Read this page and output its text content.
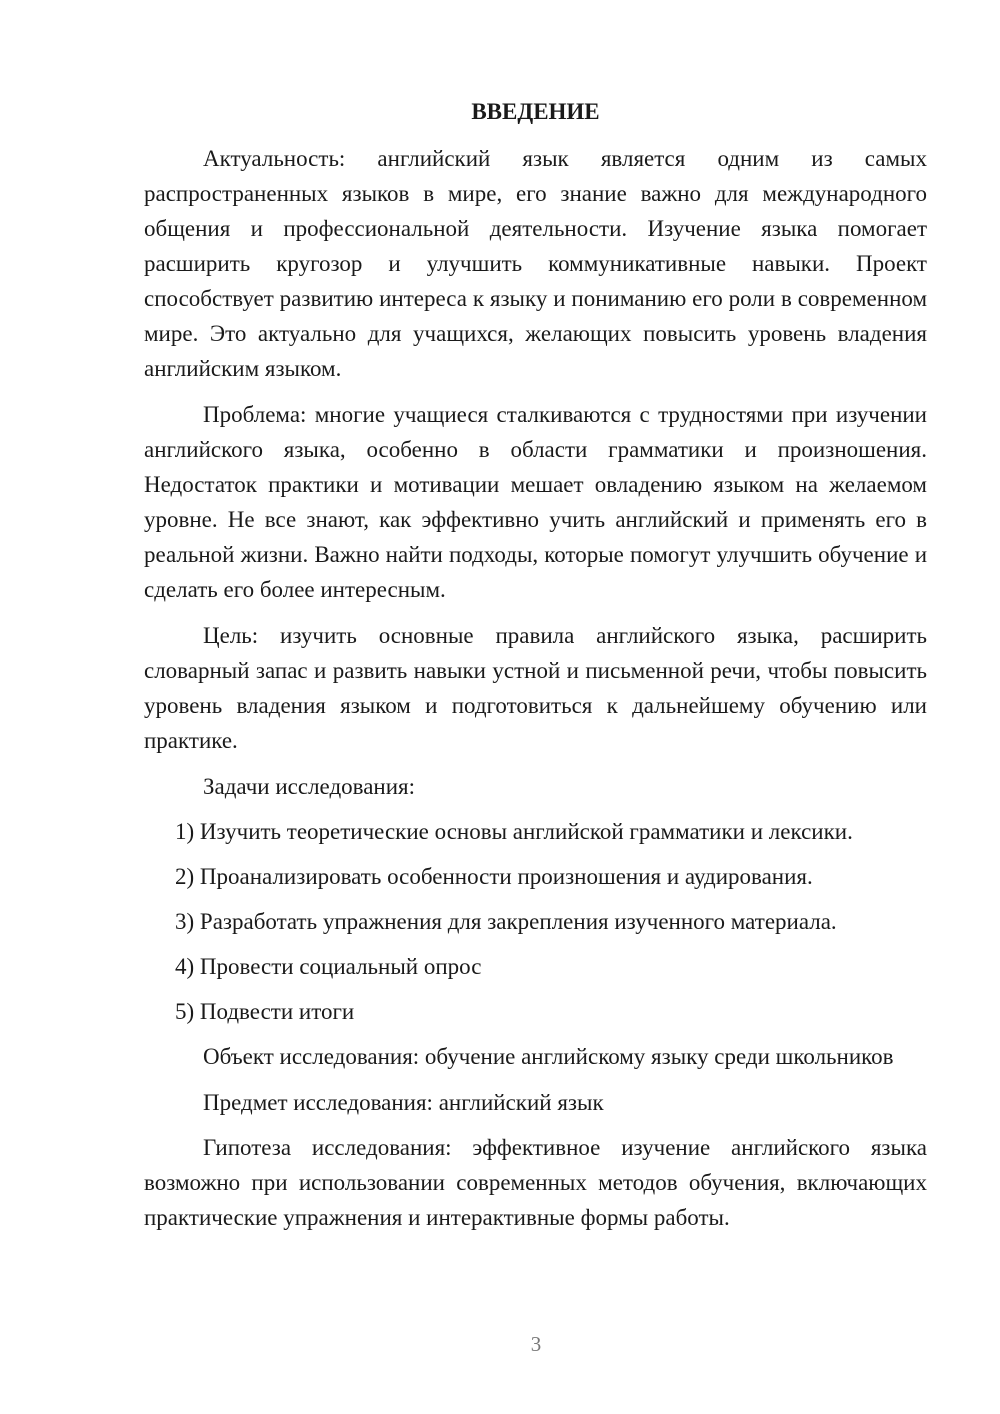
ВВЕДЕНИЕ

Актуальность: английский язык является одним из самых распространенных языков в мире, его знание важно для международного общения и профессиональной деятельности. Изучение языка помогает расширить кругозор и улучшить коммуникативные навыки. Проект способствует развитию интереса к языку и пониманию его роли в современном мире. Это актуально для учащихся, желающих повысить уровень владения английским языком.

Проблема: многие учащиеся сталкиваются с трудностями при изучении английского языка, особенно в области грамматики и произношения. Недостаток практики и мотивации мешает овладению языком на желаемом уровне. Не все знают, как эффективно учить английский и применять его в реальной жизни. Важно найти подходы, которые помогут улучшить обучение и сделать его более интересным.

Цель: изучить основные правила английского языка, расширить словарный запас и развить навыки устной и письменной речи, чтобы повысить уровень владения языком и подготовиться к дальнейшему обучению или практике.

Задачи исследования:

1) Изучить теоретические основы английской грамматики и лексики.

2) Проанализировать особенности произношения и аудирования.

3) Разработать упражнения для закрепления изученного материала.

4) Провести социальный опрос

5) Подвести итоги

Объект исследования: обучение английскому языку среди школьников

Предмет исследования: английский язык

Гипотеза исследования: эффективное изучение английского языка возможно при использовании современных методов обучения, включающих практические упражнения и интерактивные формы работы.

3
